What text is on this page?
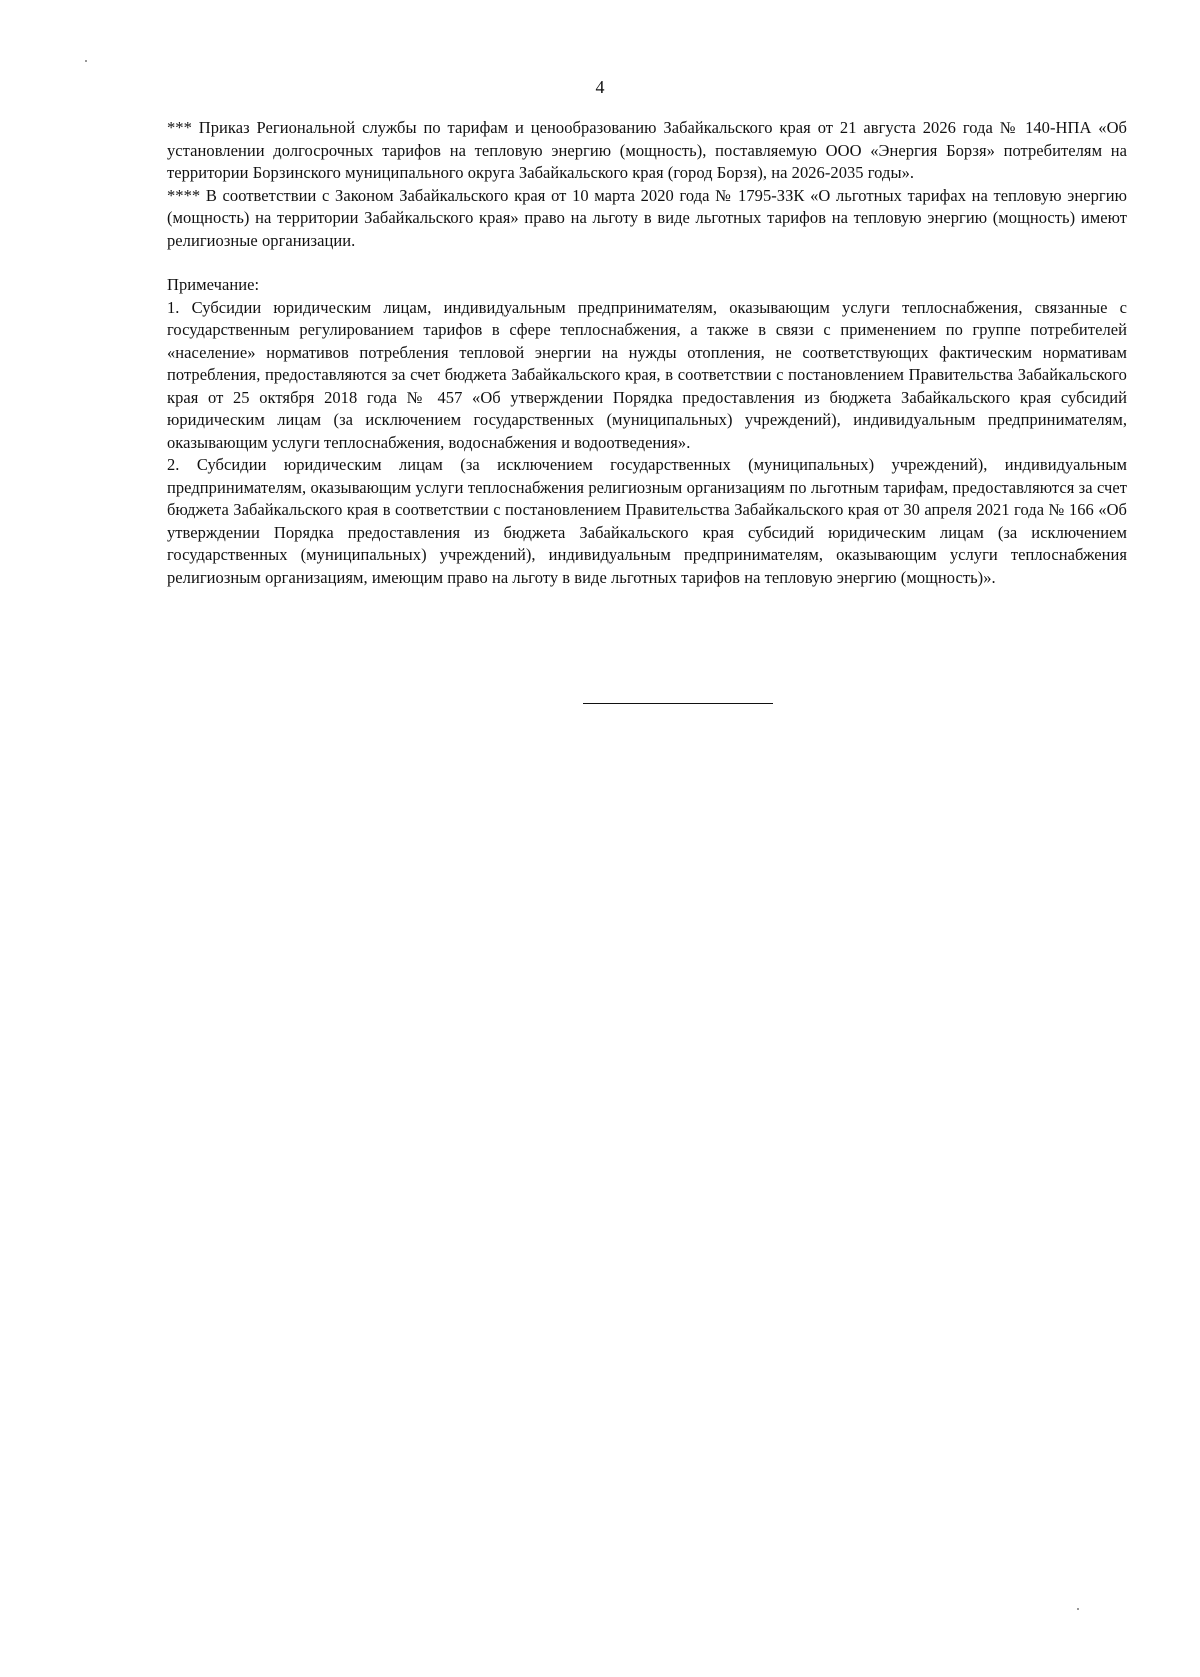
4

*** Приказ Региональной службы по тарифам и ценообразованию Забайкальского края от 21 августа 2026 года № 140-НПА «Об установлении долгосрочных тарифов на тепловую энергию (мощность), поставляемую ООО «Энергия Борзя» потребителям на территории Борзинского муниципального округа Забайкальского края (город Борзя), на 2026-2035 годы».

**** В соответствии с Законом Забайкальского края от 10 марта 2020 года № 1795-ЗЗК «О льготных тарифах на тепловую энергию (мощность) на территории Забайкальского края» право на льготу в виде льготных тарифов на тепловую энергию (мощность) имеют религиозные организации.

Примечание:

1. Субсидии юридическим лицам, индивидуальным предпринимателям, оказывающим услуги теплоснабжения, связанные с государственным регулированием тарифов в сфере теплоснабжения, а также в связи с применением по группе потребителей «население» нормативов потребления тепловой энергии на нужды отопления, не соответствующих фактическим нормативам потребления, предоставляются за счет бюджета Забайкальского края, в соответствии с постановлением Правительства Забайкальского края от 25 октября 2018 года № 457 «Об утверждении Порядка предоставления из бюджета Забайкальского края субсидий юридическим лицам (за исключением государственных (муниципальных) учреждений), индивидуальным предпринимателям, оказывающим услуги теплоснабжения, водоснабжения и водоотведения».

2. Субсидии юридическим лицам (за исключением государственных (муниципальных) учреждений), индивидуальным предпринимателям, оказывающим услуги теплоснабжения религиозным организациям по льготным тарифам, предоставляются за счет бюджета Забайкальского края в соответствии с постановлением Правительства Забайкальского края от 30 апреля 2021 года № 166 «Об утверждении Порядка предоставления из бюджета Забайкальского края субсидий юридическим лицам (за исключением государственных (муниципальных) учреждений), индивидуальным предпринимателям, оказывающим услуги теплоснабжения религиозным организациям, имеющим право на льготу в виде льготных тарифов на тепловую энергию (мощность)».
